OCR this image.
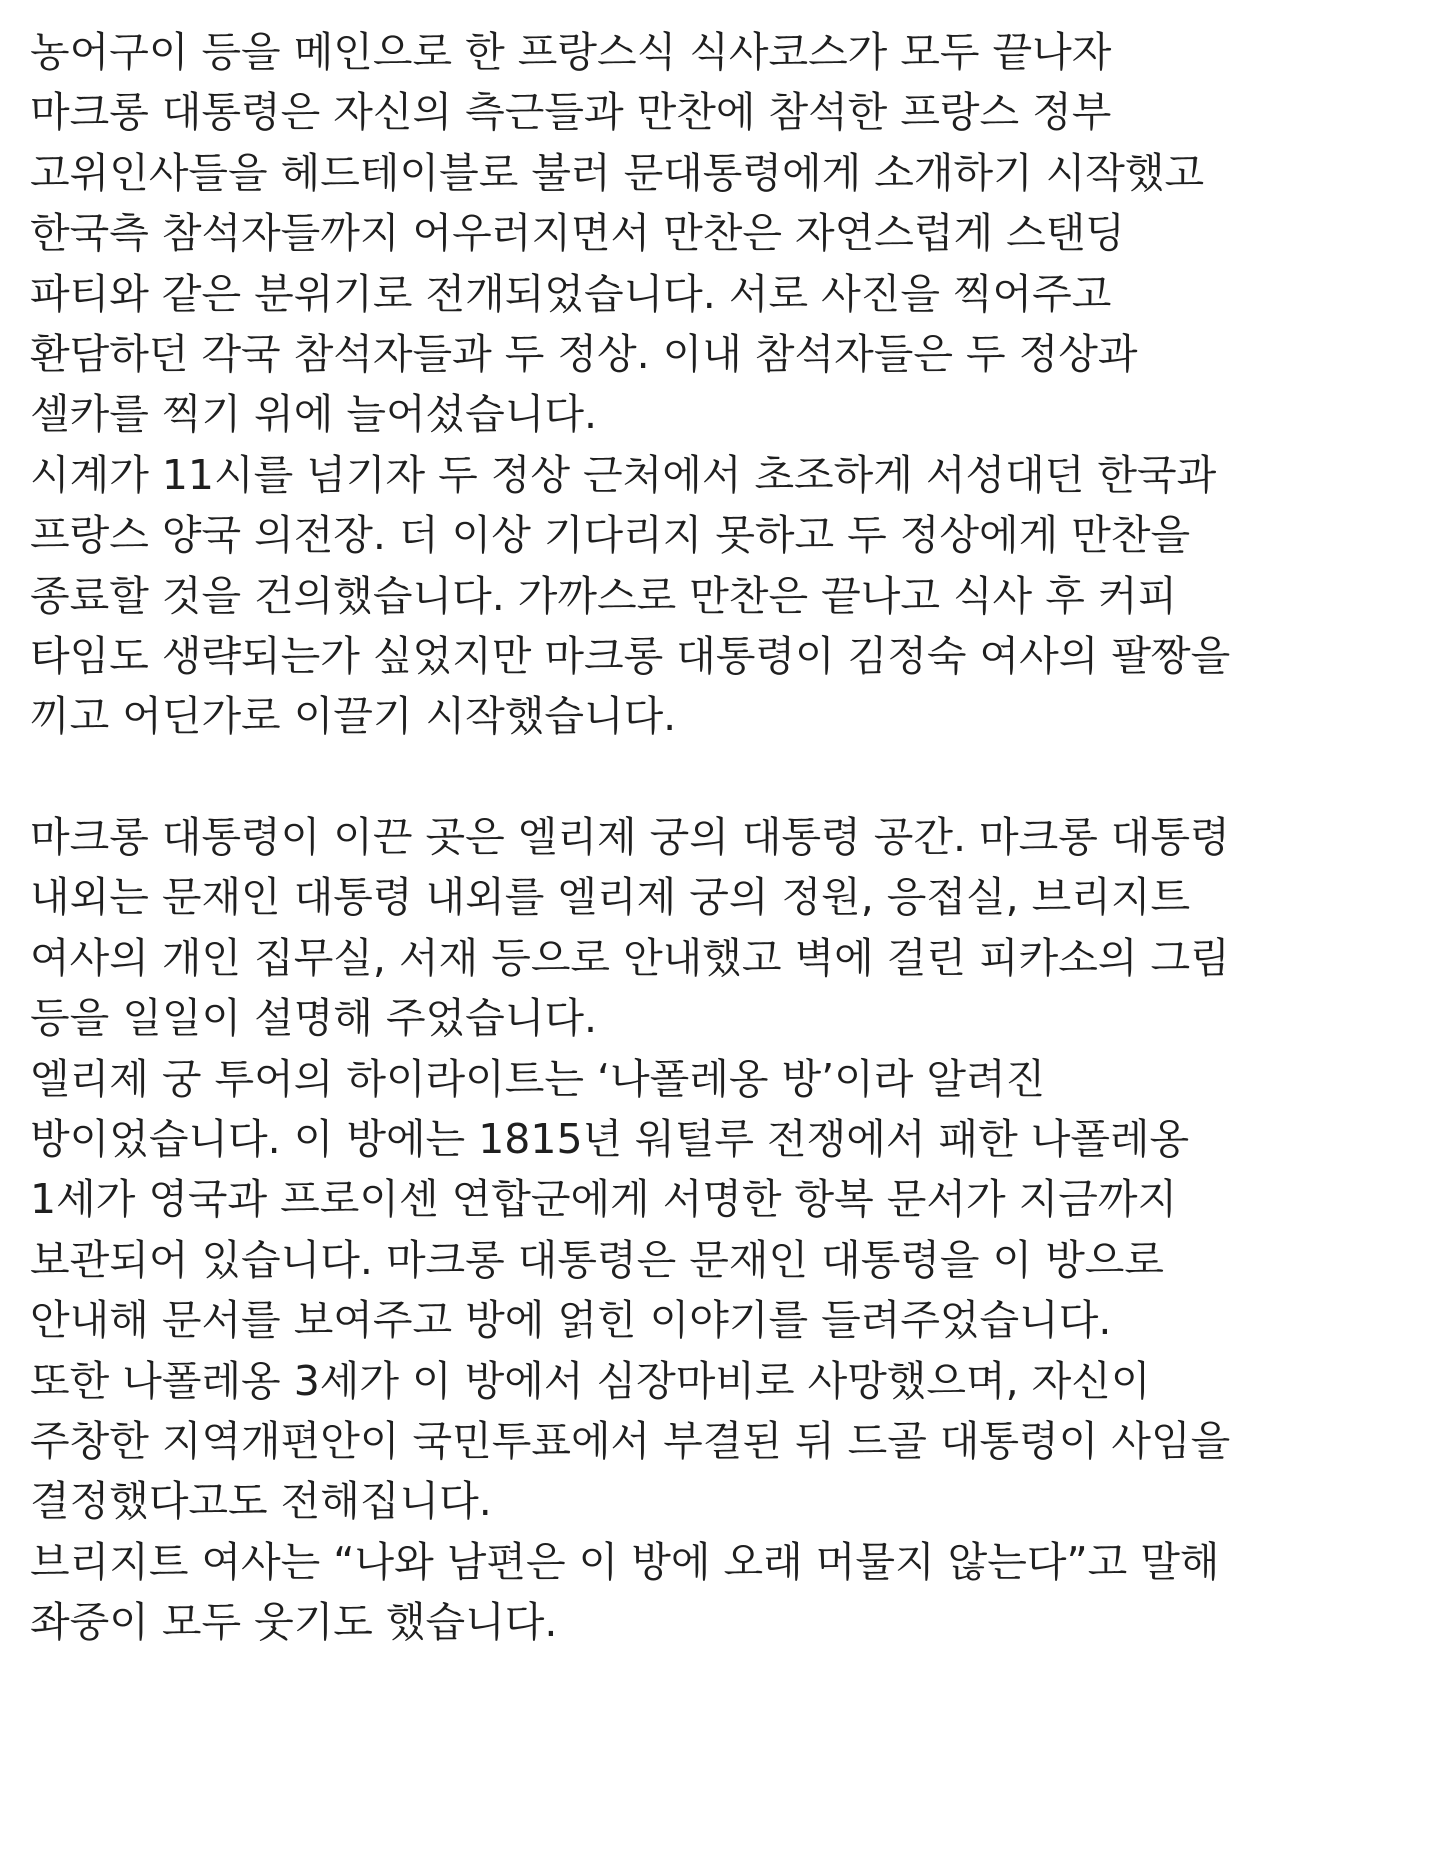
농어구이 등을 메인으로 한 프랑스식 식사코스가 모두 끝나자
마크롱 대통령은 자신의 측근들과 만찬에 참석한 프랑스 정부
고위인사들을 헤드테이블로 불러 문대통령에게 소개하기 시작했고
한국측 참석자들까지 어우러지면서 만찬은 자연스럽게 스탠딩
파티와 같은 분위기로 전개되었습니다. 서로 사진을 찍어주고
환담하던 각국 참석자들과 두 정상. 이내 참석자들은 두 정상과
셀카를 찍기 위에 늘어섰습니다.
시계가 11시를 넘기자 두 정상 근처에서 초조하게 서성대던 한국과
프랑스 양국 의전장. 더 이상 기다리지 못하고 두 정상에게 만찬을
종료할 것을 건의했습니다. 가까스로 만찬은 끝나고 식사 후 커피
타임도 생략되는가 싶었지만 마크롱 대통령이 김정숙 여사의 팔짱을
끼고 어딘가로 이끌기 시작했습니다.
마크롱 대통령이 이끈 곳은 엘리제 궁의 대통령 공간. 마크롱 대통령
내외는 문재인 대통령 내외를 엘리제 궁의 정원, 응접실, 브리지트
여사의 개인 집무실, 서재 등으로 안내했고 벽에 걸린 피카소의 그림
등을 일일이 설명해 주었습니다.
엘리제 궁 투어의 하이라이트는 ‘나폴레옹 방’이라 알려진
방이었습니다. 이 방에는 1815년 워털루 전쟁에서 패한 나폴레옹
1세가 영국과 프로이센 연합군에게 서명한 항복 문서가 지금까지
보관되어 있습니다. 마크롱 대통령은 문재인 대통령을 이 방으로
안내해 문서를 보여주고 방에 얽힌 이야기를 들려주었습니다.
또한 나폴레옹 3세가 이 방에서 심장마비로 사망했으며, 자신이
주창한 지역개편안이 국민투표에서 부결된 뒤 드골 대통령이 사임을
결정했다고도 전해집니다.
브리지트 여사는 “나와 남편은 이 방에 오래 머물지 않는다”고 말해
좌중이 모두 웃기도 했습니다.
